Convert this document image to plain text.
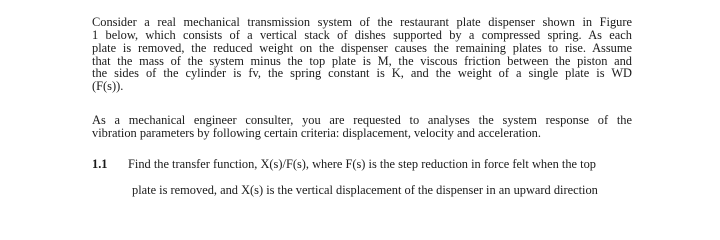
Consider a real mechanical transmission system of the restaurant plate dispenser shown in Figure
1 below, which consists of a vertical stack of dishes supported by a compressed spring. As each
plate is removed, the reduced weight on the dispenser causes the remaining plates to rise. Assume
that the mass of the system minus the top plate is M, the viscous friction between the piston and
the sides of the cylinder is fv, the spring constant is K, and the weight of a single plate is WD
(F(s)).
As a mechanical engineer consulter, you are requested to analyses the system response of the
vibration parameters by following certain criteria: displacement, velocity and acceleration.
1.1	Find the transfer function, X(s)/F(s), where F(s) is the step reduction in force felt when the top
plate is removed, and X(s) is the vertical displacement of the dispenser in an upward direction
